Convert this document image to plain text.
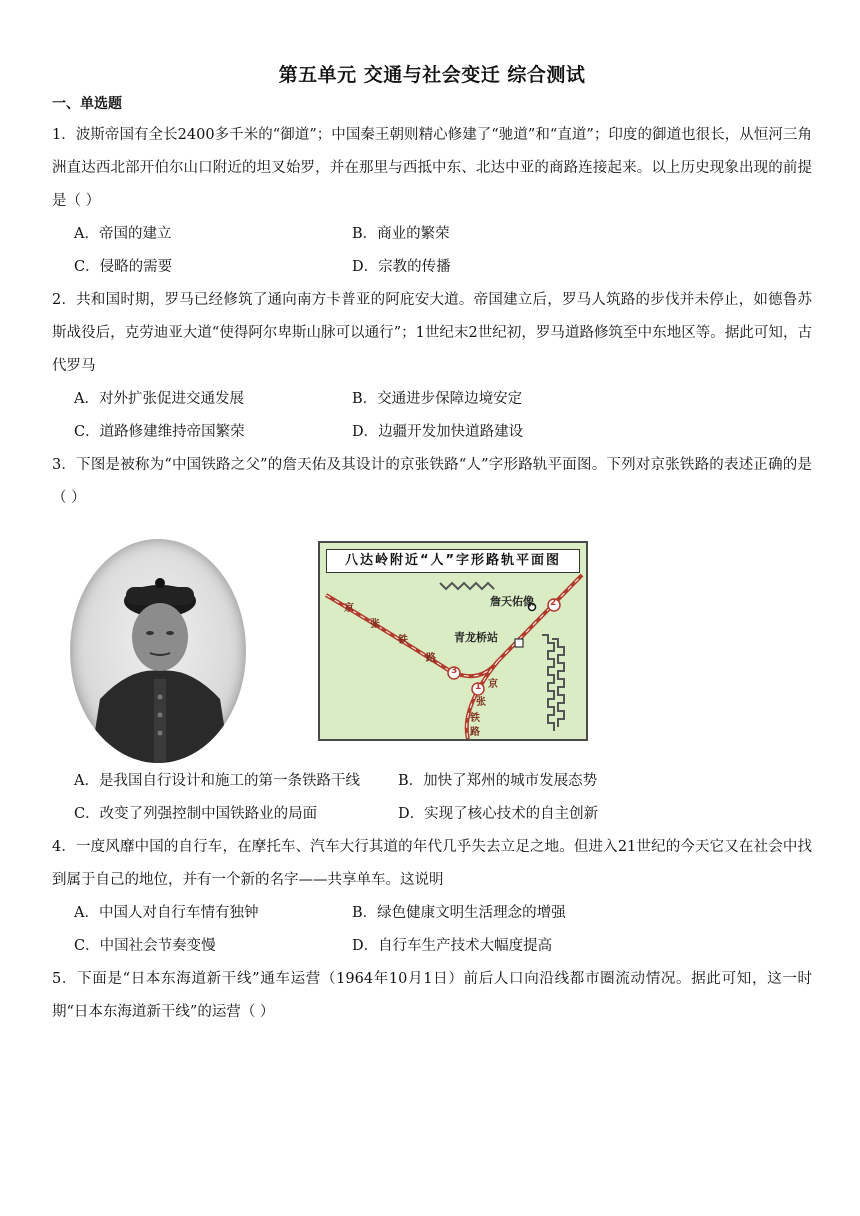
第五单元 交通与社会变迁 综合测试
一、单选题

1．波斯帝国有全长2400多千米的“御道”；中国秦王朝则精心修建了“驰道”和“直道”；印度的御道也很长，从恒河三角洲直达西北部开伯尔山口附近的坦叉始罗，并在那里与西抵中东、北达中亚的商路连接起来。以上历史现象出现的前提是（ ）

A．帝国的建立	B．商业的繁荣
C．侵略的需要	D．宗教的传播

2．共和国时期，罗马已经修筑了通向南方卡普亚的阿庇安大道。帝国建立后，罗马人筑路的步伐并未停止，如德鲁苏斯战役后，克劳迪亚大道“使得阿尔卑斯山脉可以通行”；1世纪末2世纪初，罗马道路修筑至中东地区等。据此可知，古代罗马

A．对外扩张促进交通发展	B．交通进步保障边境安定
C．道路修建维持帝国繁荣	D．边疆开发加快道路建设

3．下图是被称为“中国铁路之父”的詹天佑及其设计的京张铁路“人”字形路轨平面图。下列对京张铁路的表述正确的是（ ）

八达岭附近“人”字形路轨平面图
詹天佑像
青龙桥站
2
3
1
京
张
铁
路
京
张
铁
路
A．是我国自行设计和施工的第一条铁路干线	B．加快了郑州的城市发展态势
C．改变了列强控制中国铁路业的局面	D．实现了核心技术的自主创新

4．一度风靡中国的自行车，在摩托车、汽车大行其道的年代几乎失去立足之地。但进入21世纪的今天它又在社会中找到属于自己的地位，并有一个新的名字——共享单车。这说明

A．中国人对自行车情有独钟	B．绿色健康文明生活理念的增强
C．中国社会节奏变慢	D．自行车生产技术大幅度提高

5．下面是“日本东海道新干线”通车运营（1964年10月1日）前后人口向沿线都市圈流动情况。据此可知，这一时期“日本东海道新干线”的运营（ ）
